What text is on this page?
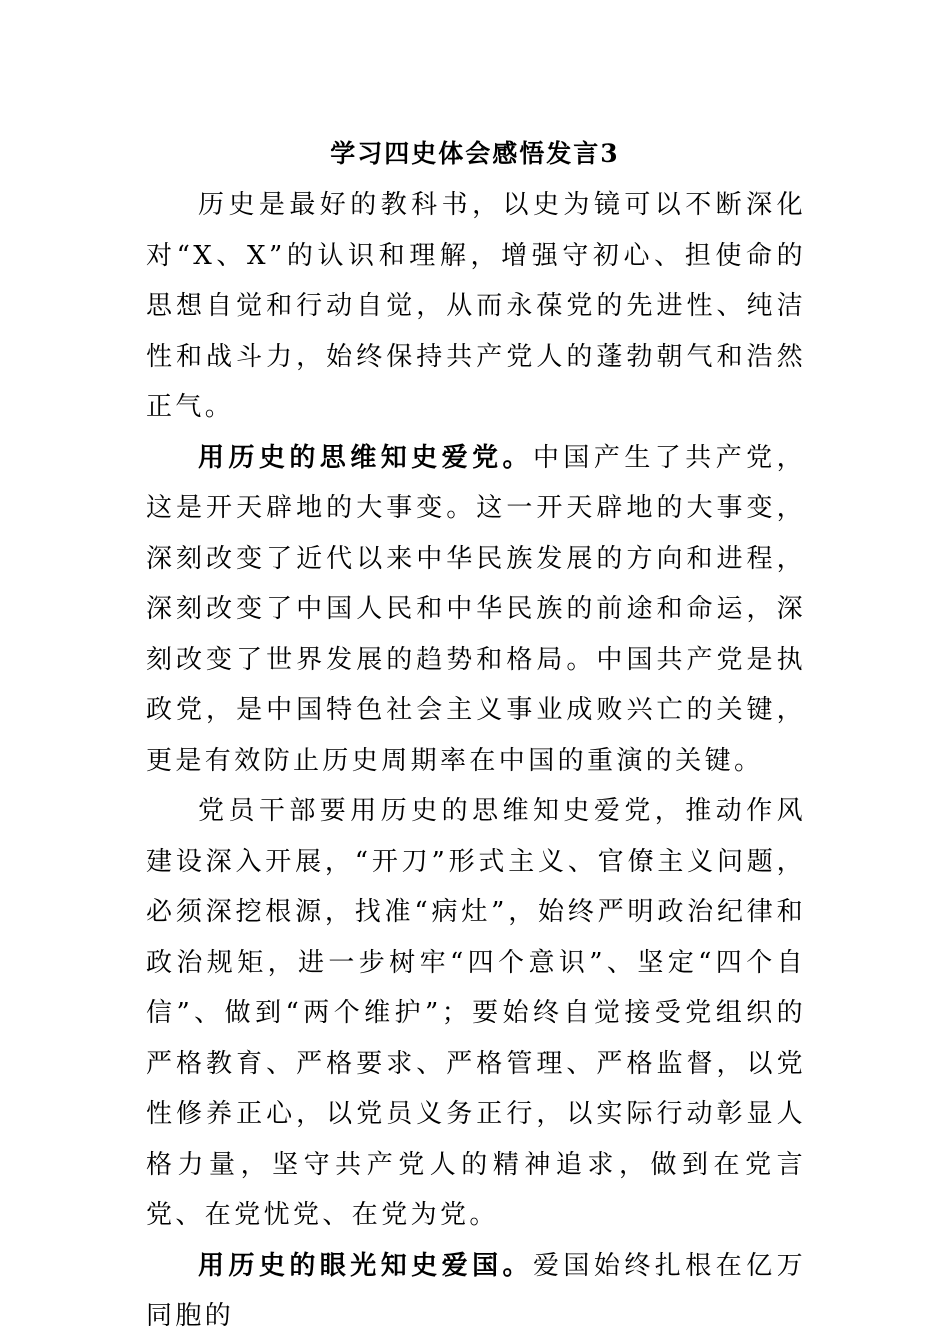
学习四史体会感悟发言3

历史是最好的教科书，以史为镜可以不断深化对“X、X”的认识和理解，增强守初心、担使命的思想自觉和行动自觉，从而永葆党的先进性、纯洁性和战斗力，始终保持共产党人的蓬勃朝气和浩然正气。

用历史的思维知史爱党。中国产生了共产党，这是开天辟地的大事变。这一开天辟地的大事变，深刻改变了近代以来中华民族发展的方向和进程，深刻改变了中国人民和中华民族的前途和命运，深刻改变了世界发展的趋势和格局。中国共产党是执政党，是中国特色社会主义事业成败兴亡的关键，更是有效防止历史周期率在中国的重演的关键。

党员干部要用历史的思维知史爱党，推动作风建设深入开展，“开刀”形式主义、官僚主义问题，必须深挖根源，找准“病灶”，始终严明政治纪律和政治规矩，进一步树牢“四个意识”、坚定“四个自信”、做到“两个维护”；要始终自觉接受党组织的严格教育、严格要求、严格管理、严格监督，以党性修养正心，以党员义务正行，以实际行动彰显人格力量，坚守共产党人的精神追求，做到在党言党、在党忧党、在党为党。

用历史的眼光知史爱国。爱国始终扎根在亿万同胞的
